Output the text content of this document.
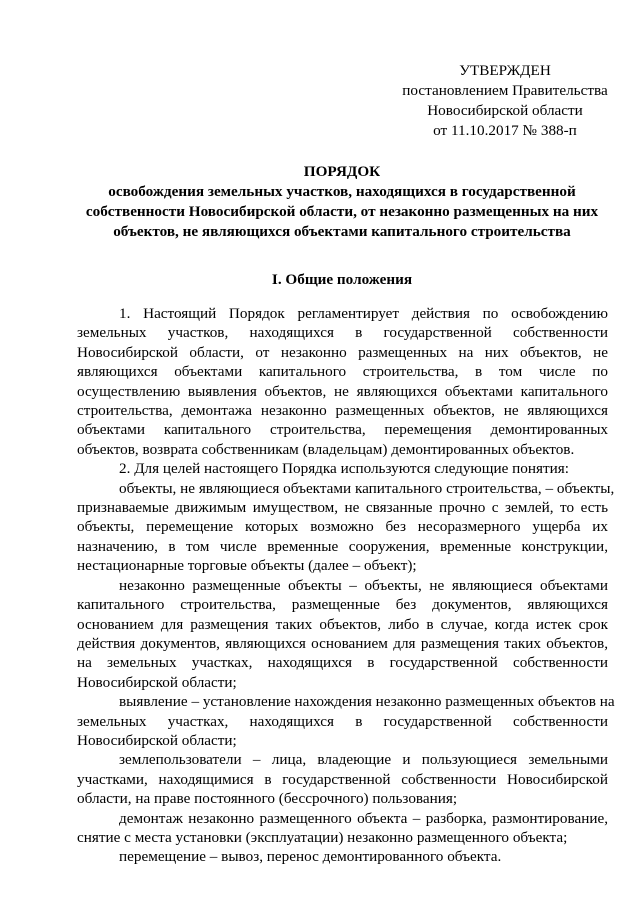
УТВЕРЖДЕН
постановлением Правительства
Новосибирской области
от 11.10.2017 № 388-п
ПОРЯДОК
освобождения земельных участков, находящихся в государственной
собственности Новосибирской области, от незаконно размещенных на них
объектов, не являющихся объектами капитального строительства
I. Общие положения
1. Настоящий Порядок регламентирует действия по освобождению
земельных участков, находящихся в государственной собственности
Новосибирской области, от незаконно размещенных на них объектов, не
являющихся объектами капитального строительства, в том числе по
осуществлению выявления объектов, не являющихся объектами капитального
строительства, демонтажа незаконно размещенных объектов, не являющихся
объектами капитального строительства, перемещения демонтированных
объектов, возврата собственникам (владельцам) демонтированных объектов.
2. Для целей настоящего Порядка используются следующие понятия:
объекты, не являющиеся объектами капитального строительства, – объекты,
признаваемые движимым имуществом, не связанные прочно с землей, то есть
объекты, перемещение которых возможно без несоразмерного ущерба их
назначению, в том числе временные сооружения, временные конструкции,
нестационарные торговые объекты (далее – объект);
незаконно размещенные объекты – объекты, не являющиеся объектами
капитального строительства, размещенные без документов, являющихся
основанием для размещения таких объектов, либо в случае, когда истек срок
действия документов, являющихся основанием для размещения таких объектов,
на земельных участках, находящихся в государственной собственности
Новосибирской области;
выявление – установление нахождения незаконно размещенных объектов на
земельных участках, находящихся в государственной собственности
Новосибирской области;
землепользователи – лица, владеющие и пользующиеся земельными
участками, находящимися в государственной собственности Новосибирской
области, на праве постоянного (бессрочного) пользования;
демонтаж незаконно размещенного объекта – разборка, размонтирование,
снятие с места установки (эксплуатации) незаконно размещенного объекта;
перемещение – вывоз, перенос демонтированного объекта.
